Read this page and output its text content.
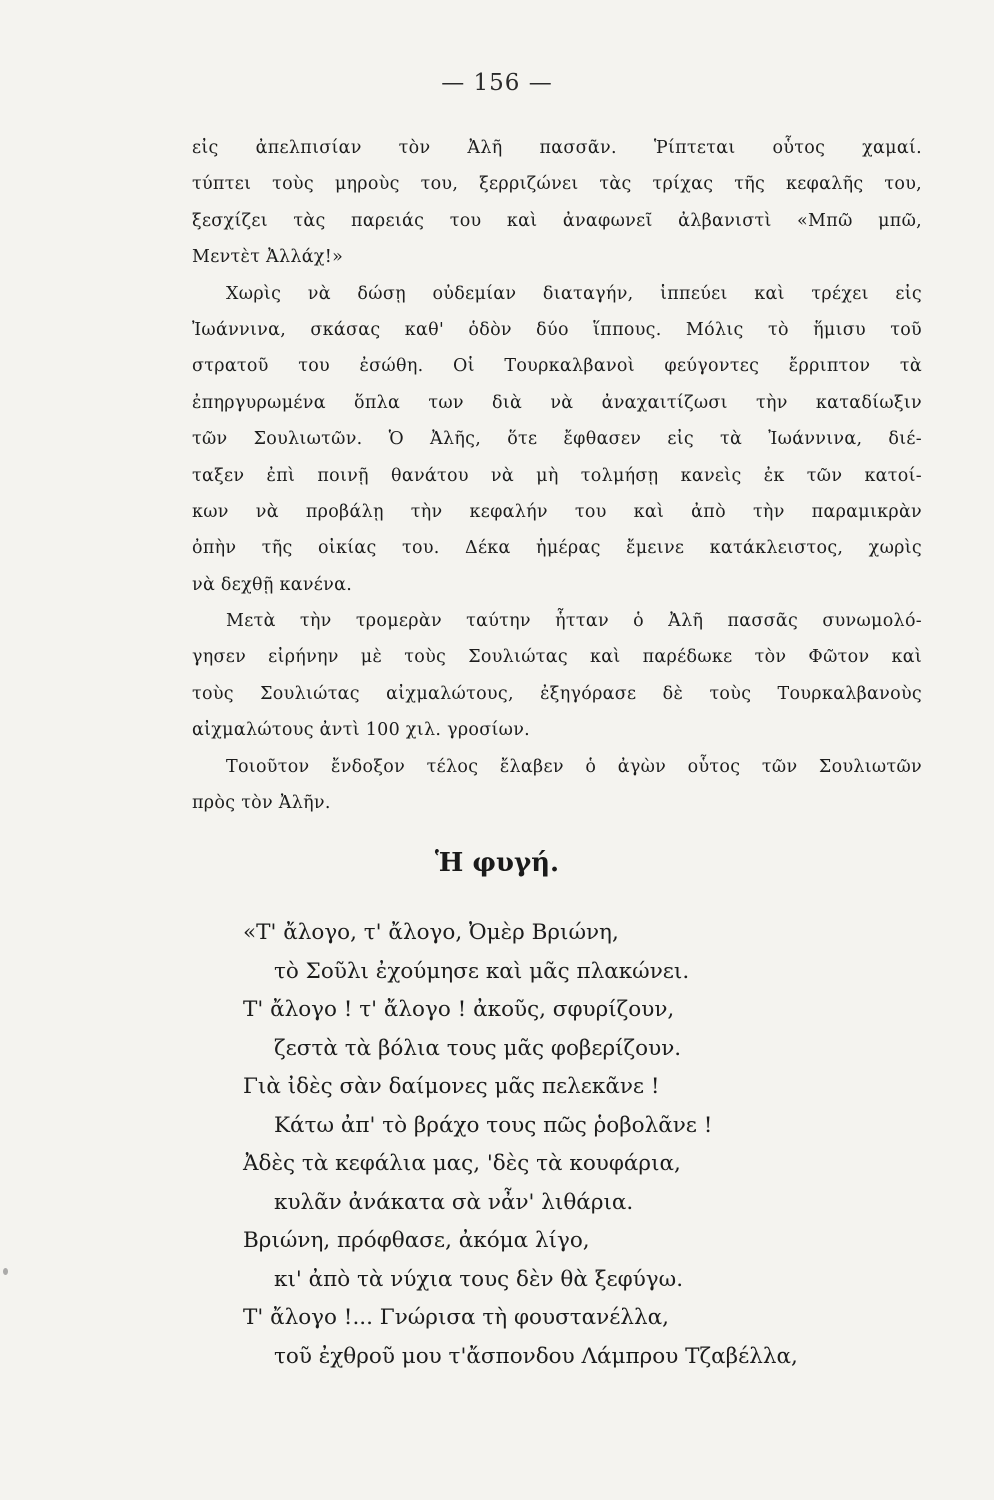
— 156 —
εἰς ἀπελπισίαν τὸν Ἀλῆ πασσᾶν. Ῥίπτεται οὗτος χαμαί.
τύπτει τοὺς μηροὺς του, ξερριζώνει τὰς τρίχας τῆς κεφαλῆς του,
ξεσχίζει τὰς παρειάς του καὶ ἀναφωνεῖ ἀλβανιστὶ «Μπῶ μπῶ,
Μεντὲτ Ἀλλάχ!»
Χωρὶς νὰ δώσῃ οὐδεμίαν διαταγήν, ἱππεύει καὶ τρέχει εἰς
Ἰωάννινα, σκάσας καθ' ὁδὸν δύο ἵππους. Μόλις τὸ ἥμισυ τοῦ
στρατοῦ του ἐσώθη. Οἱ Τουρκαλβανοὶ φεύγοντες ἔρριπτον τὰ
ἐπηργυρωμένα ὅπλα των διὰ νὰ ἀναχαιτίζωσι τὴν καταδίωξιν
τῶν Σουλιωτῶν. Ὁ Ἀλῆς, ὅτε ἔφθασεν εἰς τὰ Ἰωάννινα, διέ-
ταξεν ἐπὶ ποινῇ θανάτου νὰ μὴ τολμήσῃ κανεὶς ἐκ τῶν κατοί-
κων νὰ προβάλῃ τὴν κεφαλήν του καὶ ἀπὸ τὴν παραμικρὰν
ὀπὴν τῆς οἰκίας του. Δέκα ἡμέρας ἔμεινε κατάκλειστος, χωρὶς
νὰ δεχθῇ κανένα.
Μετὰ τὴν τρομερὰν ταύτην ἧτταν ὁ Ἀλῆ πασσᾶς συνωμολό-
γησεν εἰρήνην μὲ τοὺς Σουλιώτας καὶ παρέδωκε τὸν Φῶτον καὶ
τοὺς Σουλιώτας αἰχμαλώτους, ἐξηγόρασε δὲ τοὺς Τουρκαλβανοὺς
αἰχμαλώτους ἀντὶ 100 χιλ. γροσίων.
Τοιοῦτον ἔνδοξον τέλος ἔλαβεν ὁ ἀγὼν οὗτος τῶν Σουλιωτῶν
πρὸς τὸν Ἀλῆν.
Ἡ φυγή.
«Τ' ἄλογο, τ' ἄλογο, Ὀμὲρ Βριώνη,
τὸ Σοῦλι ἐχούμησε καὶ μᾶς πλακώνει.
Τ' ἄλογο ! τ' ἄλογο ! ἀκοῦς, σφυρίζουν,
ζεστὰ τὰ βόλια τους μᾶς φοβερίζουν.
Γιὰ ἰδὲς σὰν δαίμονες μᾶς πελεκᾶνε !
Κάτω ἀπ' τὸ βράχο τους πῶς ῥοβολᾶνε !
Ἀδὲς τὰ κεφάλια μας, 'δὲς τὰ κουφάρια,
κυλᾶν ἀνάκατα σὰ νἆν' λιθάρια.
Βριώνη, πρόφθασε, ἀκόμα λίγο,
κι' ἀπὸ τὰ νύχια τους δὲν θὰ ξεφύγω.
Τ' ἄλογο !... Γνώρισα τὴ φουστανέλλα,
τοῦ ἐχθροῦ μου τ'ἄσπονδου Λάμπρου Τζαβέλλα,
